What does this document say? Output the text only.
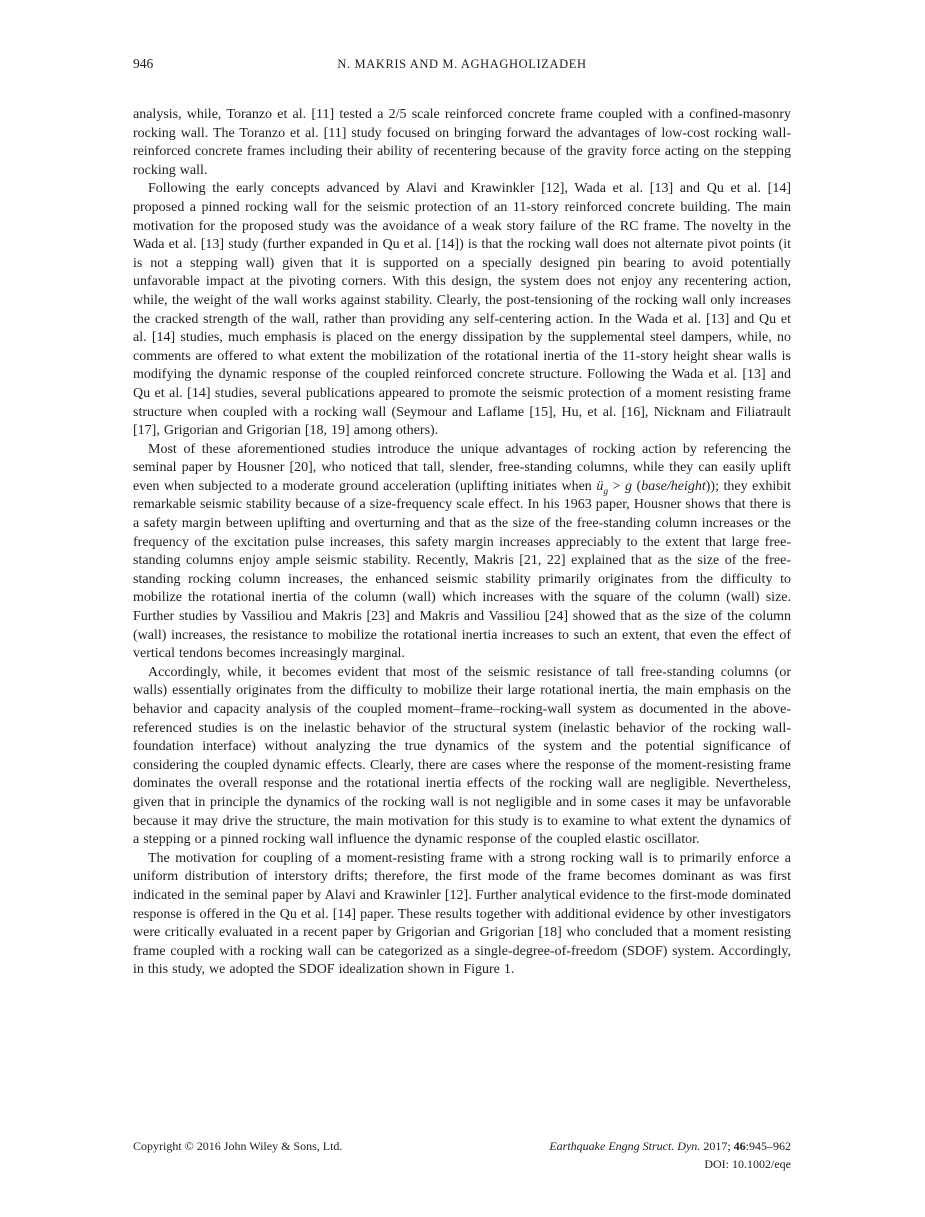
946	N. MAKRIS AND M. AGHAGHOLIZADEH

analysis, while, Toranzo et al. [11] tested a 2/5 scale reinforced concrete frame coupled with a confined-masonry rocking wall. The Toranzo et al. [11] study focused on bringing forward the advantages of low-cost rocking wall-reinforced concrete frames including their ability of recentering because of the gravity force acting on the stepping rocking wall.

Following the early concepts advanced by Alavi and Krawinkler [12], Wada et al. [13] and Qu et al. [14] proposed a pinned rocking wall for the seismic protection of an 11-story reinforced concrete building. The main motivation for the proposed study was the avoidance of a weak story failure of the RC frame. The novelty in the Wada et al. [13] study (further expanded in Qu et al. [14]) is that the rocking wall does not alternate pivot points (it is not a stepping wall) given that it is supported on a specially designed pin bearing to avoid potentially unfavorable impact at the pivoting corners. With this design, the system does not enjoy any recentering action, while, the weight of the wall works against stability. Clearly, the post-tensioning of the rocking wall only increases the cracked strength of the wall, rather than providing any self-centering action. In the Wada et al. [13] and Qu et al. [14] studies, much emphasis is placed on the energy dissipation by the supplemental steel dampers, while, no comments are offered to what extent the mobilization of the rotational inertia of the 11-story height shear walls is modifying the dynamic response of the coupled reinforced concrete structure. Following the Wada et al. [13] and Qu et al. [14] studies, several publications appeared to promote the seismic protection of a moment resisting frame structure when coupled with a rocking wall (Seymour and Laflame [15], Hu, et al. [16], Nicknam and Filiatrault [17], Grigorian and Grigorian [18, 19] among others).

Most of these aforementioned studies introduce the unique advantages of rocking action by referencing the seminal paper by Housner [20], who noticed that tall, slender, free-standing columns, while they can easily uplift even when subjected to a moderate ground acceleration (uplifting initiates when $ü_g > g$ (base/height)); they exhibit remarkable seismic stability because of a size-frequency scale effect. In his 1963 paper, Housner shows that there is a safety margin between uplifting and overturning and that as the size of the free-standing column increases or the frequency of the excitation pulse increases, this safety margin increases appreciably to the extent that large free-standing columns enjoy ample seismic stability. Recently, Makris [21, 22] explained that as the size of the free-standing rocking column increases, the enhanced seismic stability primarily originates from the difficulty to mobilize the rotational inertia of the column (wall) which increases with the square of the column (wall) size. Further studies by Vassiliou and Makris [23] and Makris and Vassiliou [24] showed that as the size of the column (wall) increases, the resistance to mobilize the rotational inertia increases to such an extent, that even the effect of vertical tendons becomes increasingly marginal.

Accordingly, while, it becomes evident that most of the seismic resistance of tall free-standing columns (or walls) essentially originates from the difficulty to mobilize their large rotational inertia, the main emphasis on the behavior and capacity analysis of the coupled moment–frame–rocking-wall system as documented in the above-referenced studies is on the inelastic behavior of the structural system (inelastic behavior of the rocking wall-foundation interface) without analyzing the true dynamics of the system and the potential significance of considering the coupled dynamic effects. Clearly, there are cases where the response of the moment-resisting frame dominates the overall response and the rotational inertia effects of the rocking wall are negligible. Nevertheless, given that in principle the dynamics of the rocking wall is not negligible and in some cases it may be unfavorable because it may drive the structure, the main motivation for this study is to examine to what extent the dynamics of a stepping or a pinned rocking wall influence the dynamic response of the coupled elastic oscillator.

The motivation for coupling of a moment-resisting frame with a strong rocking wall is to primarily enforce a uniform distribution of interstory drifts; therefore, the first mode of the frame becomes dominant as was first indicated in the seminal paper by Alavi and Krawinler [12]. Further analytical evidence to the first-mode dominated response is offered in the Qu et al. [14] paper. These results together with additional evidence by other investigators were critically evaluated in a recent paper by Grigorian and Grigorian [18] who concluded that a moment resisting frame coupled with a rocking wall can be categorized as a single-degree-of-freedom (SDOF) system. Accordingly, in this study, we adopted the SDOF idealization shown in Figure 1.

Copyright © 2016 John Wiley & Sons, Ltd.	Earthquake Engng Struct. Dyn. 2017; 46:945–962
DOI: 10.1002/eqe
